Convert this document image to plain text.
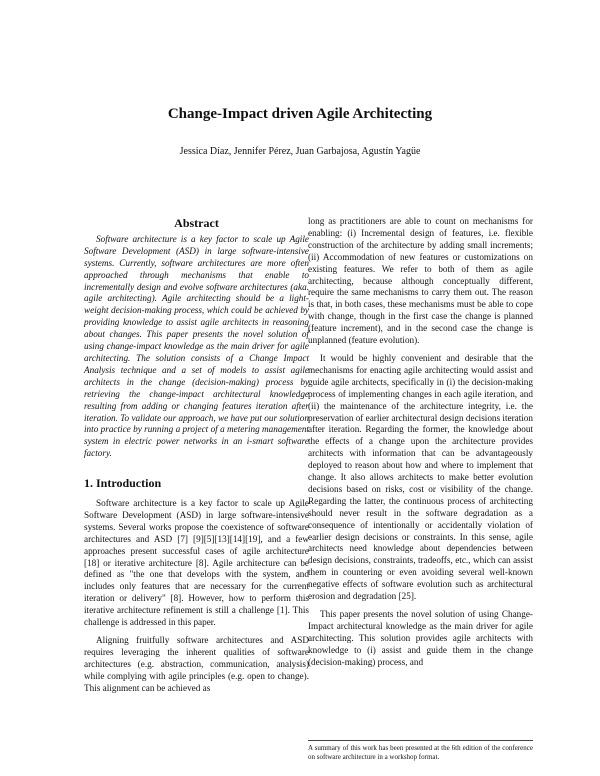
Change-Impact driven Agile Architecting
Jessica Díaz, Jennifer Pérez, Juan Garbajosa, Agustín Yagüe
Abstract

Software architecture is a key factor to scale up Agile Software Development (ASD) in large software-intensive systems. Currently, software architectures are more often approached through mechanisms that enable to incrementally design and evolve software architectures (aka. agile architecting). Agile architecting should be a light-weight decision-making process, which could be achieved by providing knowledge to assist agile architects in reasoning about changes. This paper presents the novel solution of using change-impact knowledge as the main driver for agile architecting. The solution consists of a Change Impact Analysis technique and a set of models to assist agile architects in the change (decision-making) process by retrieving the change-impact architectural knowledge resulting from adding or changing features iteration after iteration. To validate our approach, we have put our solution into practice by running a project of a metering management system in electric power networks in an i-smart software factory.

1. Introduction

Software architecture is a key factor to scale up Agile Software Development (ASD) in large software-intensive systems. Several works propose the coexistence of software architectures and ASD [7] [9][5][13][14][19], and a few approaches present successful cases of agile architecture [18] or iterative architecture [8]. Agile architecture can be defined as "the one that develops with the system, and includes only features that are necessary for the current iteration or delivery" [8]. However, how to perform this iterative architecture refinement is still a challenge [1]. This challenge is addressed in this paper.

Aligning fruitfully software architectures and ASD requires leveraging the inherent qualities of software architectures (e.g. abstraction, communication, analysis) while complying with agile principles (e.g. open to change). This alignment can be achieved as

long as practitioners are able to count on mechanisms for enabling: (i) Incremental design of features, i.e. flexible construction of the architecture by adding small increments; (ii) Accommodation of new features or customizations on existing features. We refer to both of them as agile architecting, because although conceptually different, require the same mechanisms to carry them out. The reason is that, in both cases, these mechanisms must be able to cope with change, though in the first case the change is planned (feature increment), and in the second case the change is unplanned (feature evolution).

It would be highly convenient and desirable that the mechanisms for enacting agile architecting would assist and guide agile architects, specifically in (i) the decision-making process of implementing changes in each agile iteration, and (ii) the maintenance of the architecture integrity, i.e. the preservation of earlier architectural design decisions iteration after iteration. Regarding the former, the knowledge about the effects of a change upon the architecture provides architects with information that can be advantageously deployed to reason about how and where to implement that change. It also allows architects to make better evolution decisions based on risks, cost or visibility of the change. Regarding the latter, the continuous process of architecting should never result in the software degradation as a consequence of intentionally or accidentally violation of earlier design decisions or constraints. In this sense, agile architects need knowledge about dependencies between design decisions, constraints, tradeoffs, etc., which can assist them in countering or even avoiding several well-known negative effects of software evolution such as architectural erosion and degradation [25].

This paper presents the novel solution of using Change-Impact architectural knowledge as the main driver for agile architecting. This solution provides agile architects with knowledge to (i) assist and guide them in the change (decision-making) process, and

A summary of this work has been presented at the 6th edition of the conference on software architecture in a workshop format.
